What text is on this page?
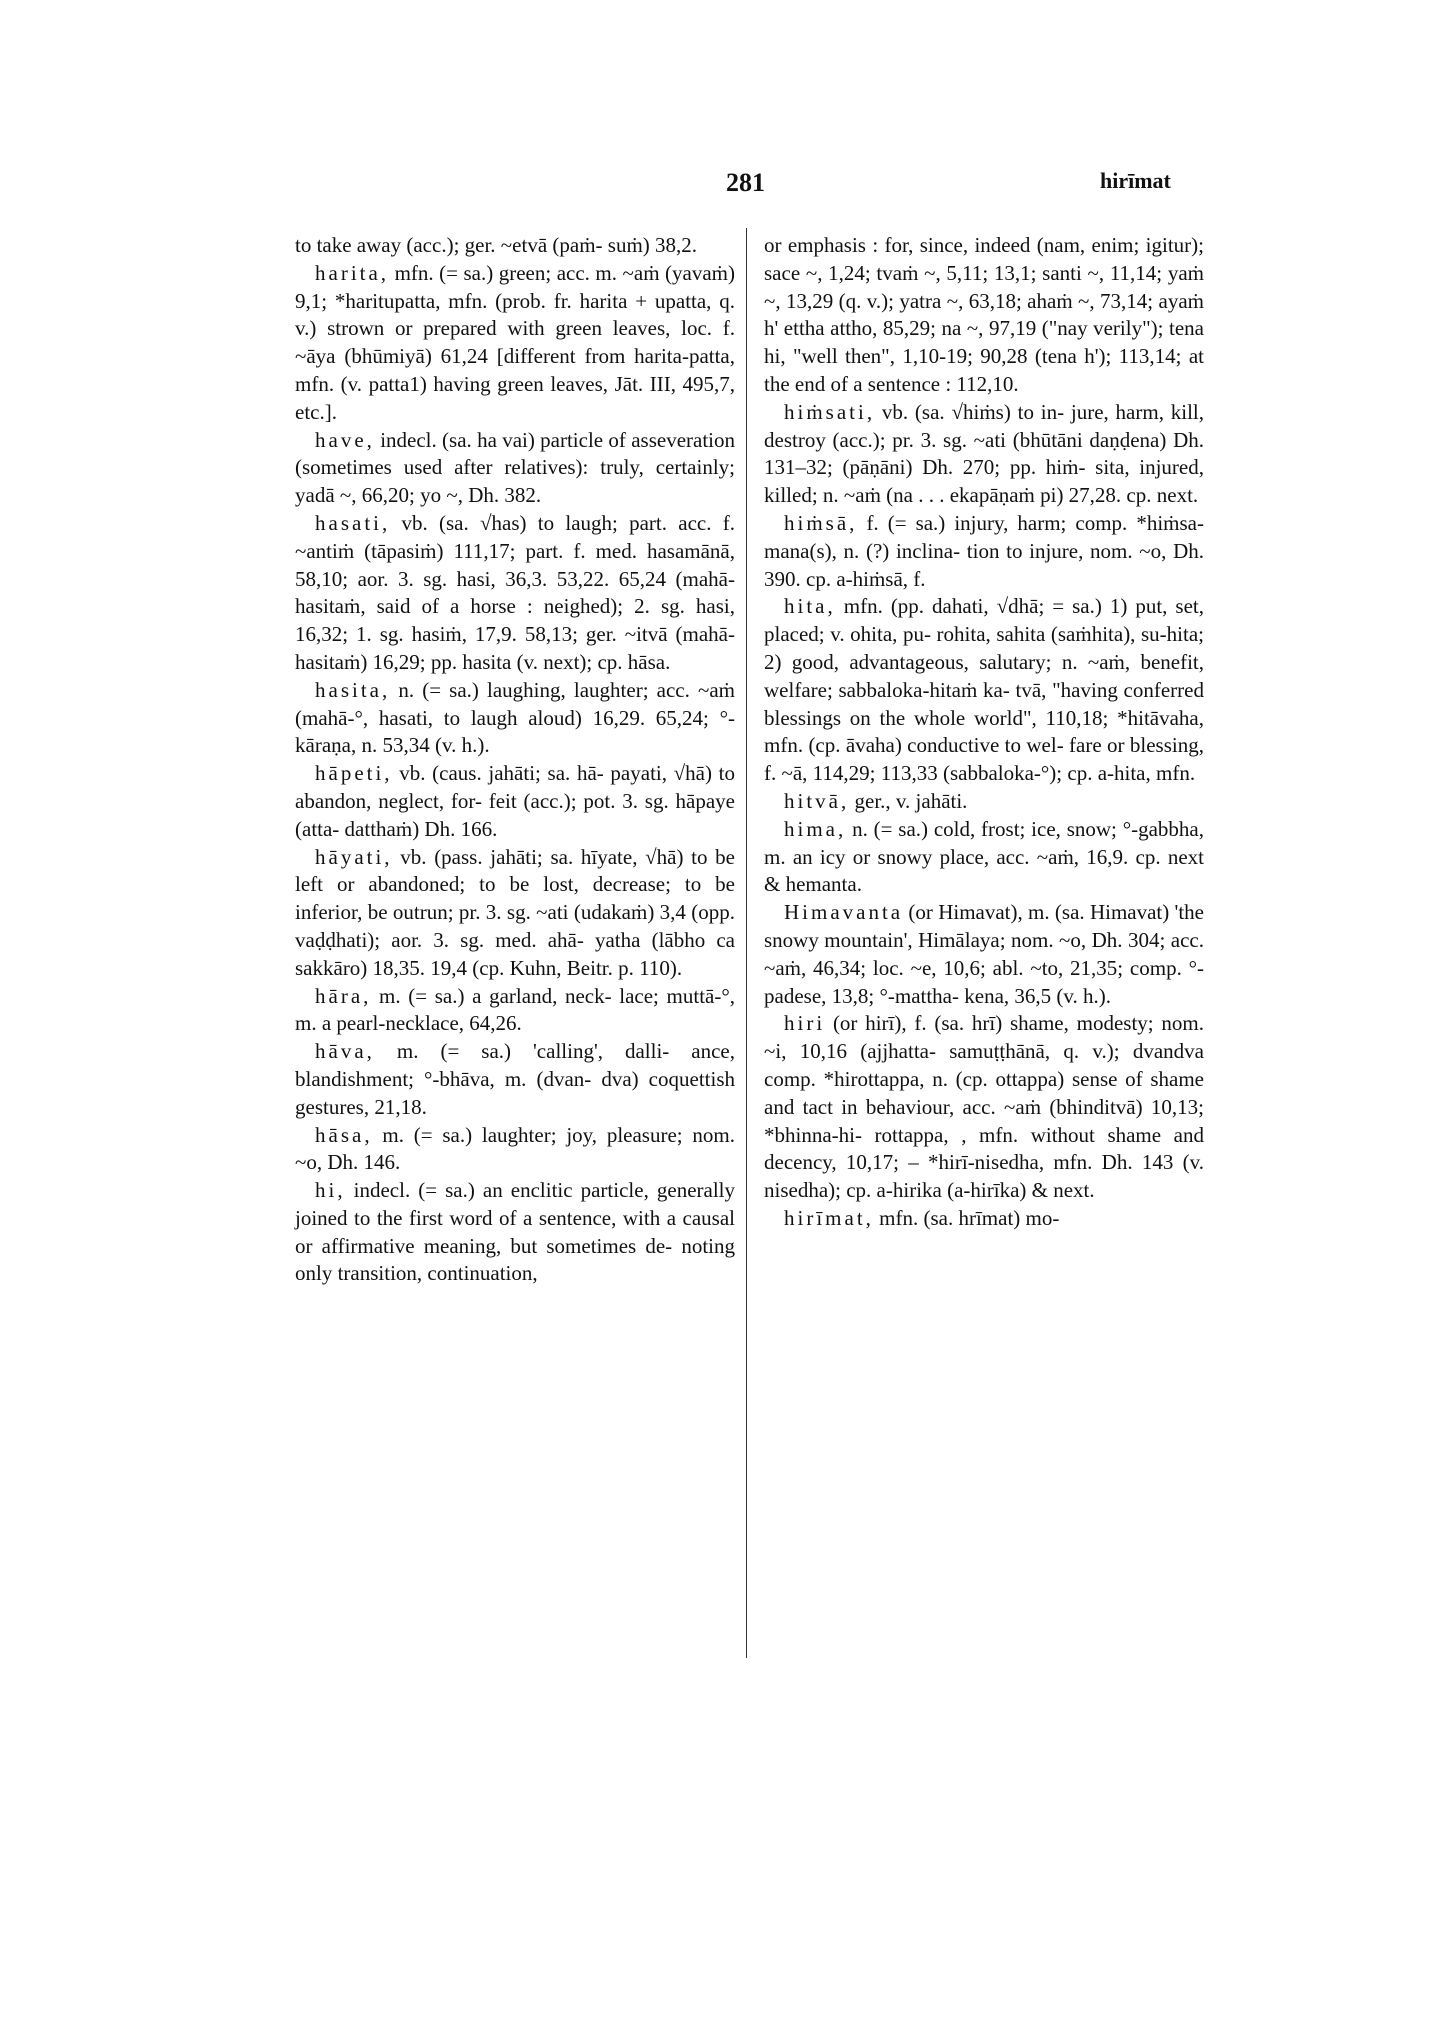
281	hirīmat

to take away (acc.); ger. ~etvā (paṁ- suṁ) 38,2.

harita, mfn. (= sa.) green; acc. m. ~aṁ (yavaṁ) 9,1; *haritupatta, mfn. (prob. fr. harita + upatta, q. v.) strown or prepared with green leaves, loc. f. ~āya (bhūmiyā) 61,24 [different from harita-patta, mfn. (v. patta1) having green leaves, Jāt. III, 495,7, etc.].

have, indecl. (sa. ha vai) particle of asseveration (sometimes used after relatives): truly, certainly; yadā ~, 66,20; yo ~, Dh. 382.

hasati, vb. (sa. √has) to laugh; part. acc. f. ~antiṁ (tāpasiṁ) 111,17; part. f. med. hasamānā, 58,10; aor. 3. sg. hasi, 36,3. 53,22. 65,24 (mahā- hasitaṁ, said of a horse : neighed); 2. sg. hasi, 16,32; 1. sg. hasiṁ, 17,9. 58,13; ger. ~itvā (mahā-hasitaṁ) 16,29; pp. hasita (v. next); cp. hāsa.

hasita, n. (= sa.) laughing, laughter; acc. ~aṁ (mahā-°, hasati, to laugh aloud) 16,29. 65,24; °-kāraṇa, n. 53,34 (v. h.).

hāpeti, vb. (caus. jahāti; sa. hā- payati, √hā) to abandon, neglect, for- feit (acc.); pot. 3. sg. hāpaye (atta- datthaṁ) Dh. 166.

hāyati, vb. (pass. jahāti; sa. hīyate, √hā) to be left or abandoned; to be lost, decrease; to be inferior, be outrun; pr. 3. sg. ~ati (udakaṁ) 3,4 (opp. vaḍḍhati); aor. 3. sg. med. ahā- yatha (lābho ca sakkāro) 18,35. 19,4 (cp. Kuhn, Beitr. p. 110).

hāra, m. (= sa.) a garland, neck- lace; muttā-°, m. a pearl-necklace, 64,26.

hāva, m. (= sa.) 'calling', dalli- ance, blandishment; °-bhāva, m. (dvan- dva) coquettish gestures, 21,18.

hāsa, m. (= sa.) laughter; joy, pleasure; nom. ~o, Dh. 146.

hi, indecl. (= sa.) an enclitic particle, generally joined to the first word of a sentence, with a causal or affirmative meaning, but sometimes de- noting only transition, continuation,

or emphasis : for, since, indeed (nam, enim; igitur); sace ~, 1,24; tvaṁ ~, 5,11; 13,1; santi ~, 11,14; yaṁ ~, 13,29 (q. v.); yatra ~, 63,18; ahaṁ ~, 73,14; ayaṁ h' ettha attho, 85,29; na ~, 97,19 ("nay verily"); tena hi, "well then", 1,10-19; 90,28 (tena h'); 113,14; at the end of a sentence : 112,10.

hiṁsati, vb. (sa. √hiṁs) to in- jure, harm, kill, destroy (acc.); pr. 3. sg. ~ati (bhūtāni daṇḍena) Dh. 131–32; (pāṇāni) Dh. 270; pp. hiṁ- sita, injured, killed; n. ~aṁ (na . . . ekapāṇaṁ pi) 27,28. cp. next.

hiṁsā, f. (= sa.) injury, harm; comp. *hiṁsa-mana(s), n. (?) inclina- tion to injure, nom. ~o, Dh. 390. cp. a-hiṁsā, f.

hita, mfn. (pp. dahati, √dhā; = sa.) 1) put, set, placed; v. ohita, pu- rohita, sahita (saṁhita), su-hita; 2) good, advantageous, salutary; n. ~aṁ, benefit, welfare; sabbaloka-hitaṁ ka- tvā, "having conferred blessings on the whole world", 110,18; *hitāvaha, mfn. (cp. āvaha) conductive to wel- fare or blessing, f. ~ā, 114,29; 113,33 (sabbaloka-°); cp. a-hita, mfn.

hitvā, ger., v. jahāti.

hima, n. (= sa.) cold, frost; ice, snow; °-gabbha, m. an icy or snowy place, acc. ~aṁ, 16,9. cp. next & hemanta.

Himavanta (or Himavat), m. (sa. Himavat) 'the snowy mountain', Himālaya; nom. ~o, Dh. 304; acc. ~aṁ, 46,34; loc. ~e, 10,6; abl. ~to, 21,35; comp. °-padese, 13,8; °-mattha- kena, 36,5 (v. h.).

hiri (or hirī), f. (sa. hrī) shame, modesty; nom. ~i, 10,16 (ajjhatta- samuṭṭhānā, q. v.); dvandva comp. *hirottappa, n. (cp. ottappa) sense of shame and tact in behaviour, acc. ~aṁ (bhinditvā) 10,13; *bhinna-hi- rottappa, , mfn. without shame and decency, 10,17; – *hirī-nisedha, mfn. Dh. 143 (v. nisedha); cp. a-hirika (a-hirīka) & next.

hirīmat, mfn. (sa. hrīmat) mo-
